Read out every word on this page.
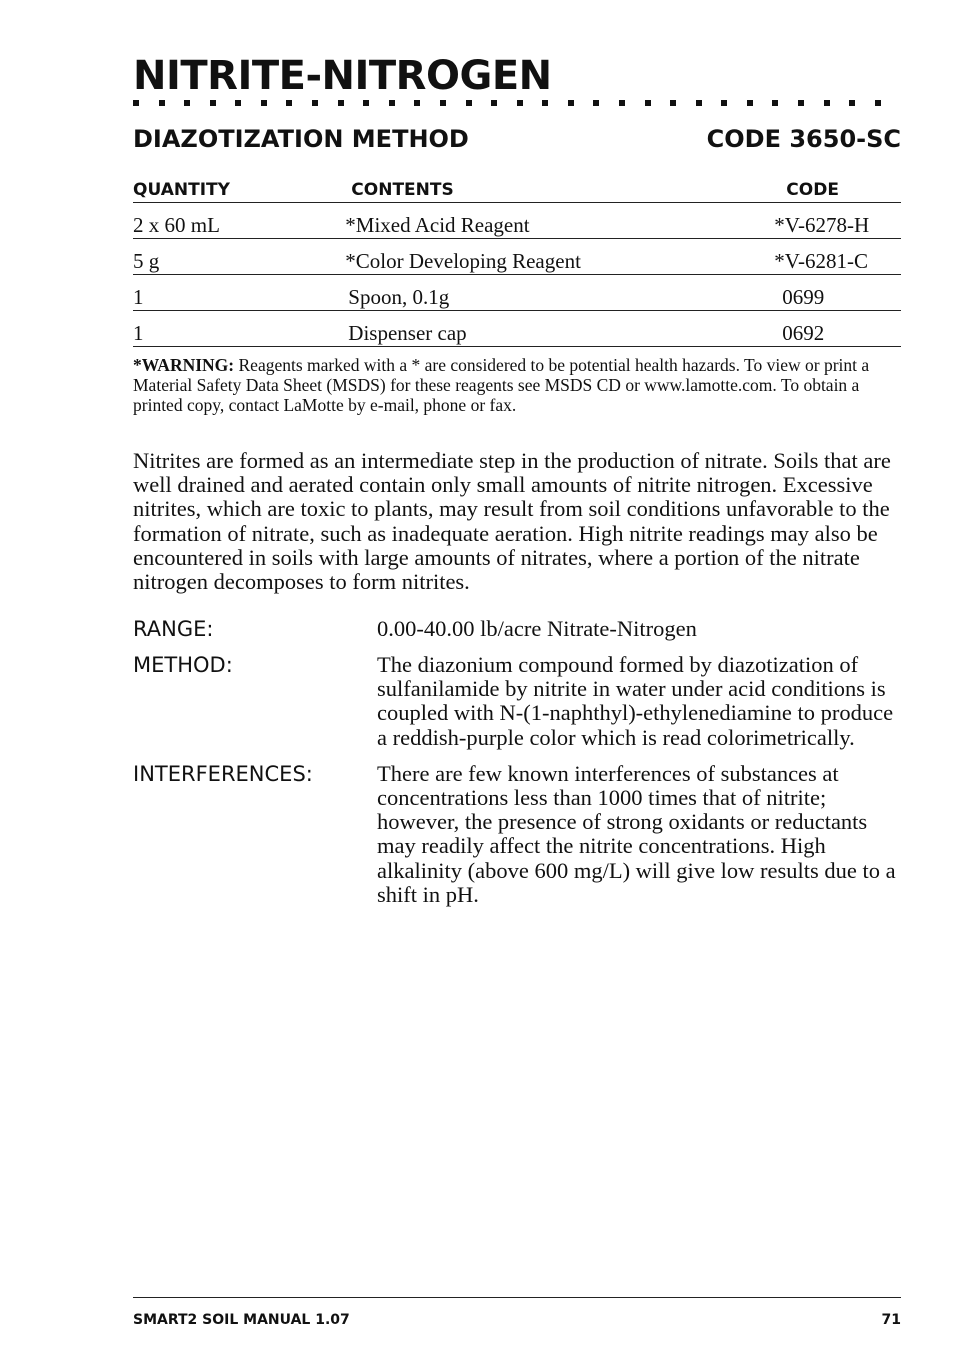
NITRITE-NITROGEN
DIAZOTIZATION METHOD	CODE 3650-SC
QUANTITY	CONTENTS	CODE
2 x 60 mL	*Mixed Acid Reagent	*V-6278-H
5 g	*Color Developing Reagent	*V-6281-C
1	Spoon, 0.1g	0699
1	Dispenser cap	0692

*WARNING: Reagents marked with a * are considered to be potential health hazards. To view or print a Material Safety Data Sheet (MSDS) for these reagents see MSDS CD or www.lamotte.com. To obtain a printed copy, contact LaMotte by e-mail, phone or fax.

Nitrites are formed as an intermediate step in the production of nitrate. Soils that are well drained and aerated contain only small amounts of nitrite nitrogen. Excessive nitrites, which are toxic to plants, may result from soil conditions unfavorable to the formation of nitrate, such as inadequate aeration. High nitrite readings may also be encountered in soils with large amounts of nitrates, where a portion of the nitrate nitrogen decomposes to form nitrites.

RANGE:	0.00-40.00 lb/acre Nitrate-Nitrogen
METHOD:	The diazonium compound formed by diazotization of sulfanilamide by nitrite in water under acid conditions is coupled with N-(1-naphthyl)-ethylenediamine to produce a reddish-purple color which is read colorimetrically.
INTERFERENCES:	There are few known interferences of substances at concentrations less than 1000 times that of nitrite; however, the presence of strong oxidants or reductants may readily affect the nitrite concentrations. High alkalinity (above 600 mg/L) will give low results due to a shift in pH.
SMART2 SOIL MANUAL 1.07	71
